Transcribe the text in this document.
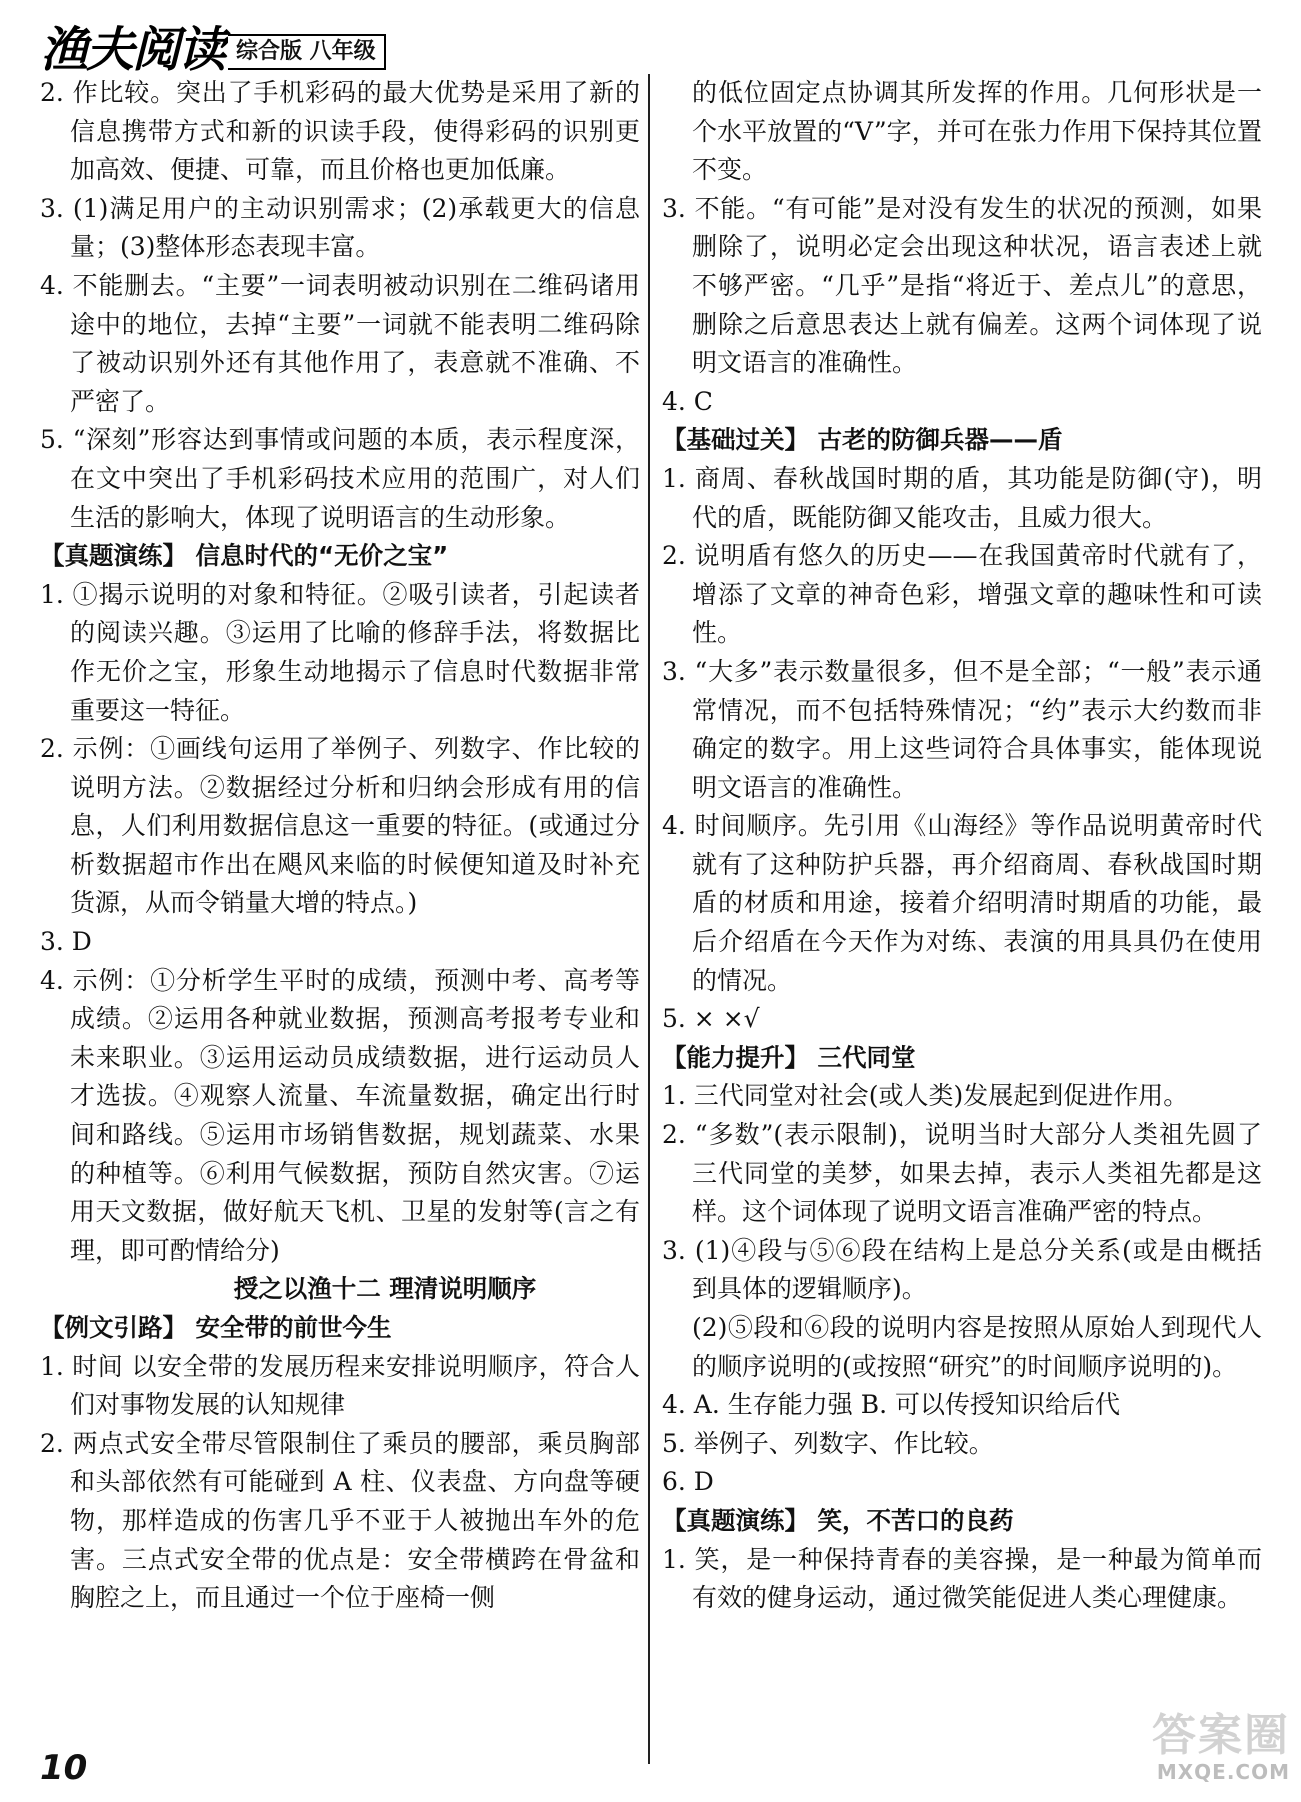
渔夫阅读 综合版 八年级
2. 作比较。突出了手机彩码的最大优势是采用了新的信息携带方式和新的识读手段，使得彩码的识别更加高效、便捷、可靠，而且价格也更加低廉。
3. (1)满足用户的主动识别需求；(2)承载更大的信息量；(3)整体形态表现丰富。
4. 不能删去。“主要”一词表明被动识别在二维码诸用途中的地位，去掉“主要”一词就不能表明二维码除了被动识别外还有其他作用了，表意就不准确、不严密了。
5. “深刻”形容达到事情或问题的本质，表示程度深，在文中突出了手机彩码技术应用的范围广，对人们生活的影响大，体现了说明语言的生动形象。
【真题演练】 信息时代的“无价之宝”
1. ①揭示说明的对象和特征。②吸引读者，引起读者的阅读兴趣。③运用了比喻的修辞手法，将数据比作无价之宝，形象生动地揭示了信息时代数据非常重要这一特征。
2. 示例：①画线句运用了举例子、列数字、作比较的说明方法。②数据经过分析和归纳会形成有用的信息，人们利用数据信息这一重要的特征。(或通过分析数据超市作出在飓风来临的时候便知道及时补充货源，从而令销量大增的特点。)
3. D
4. 示例：①分析学生平时的成绩，预测中考、高考等成绩。②运用各种就业数据，预测高考报考专业和未来职业。③运用运动员成绩数据，进行运动员人才选拔。④观察人流量、车流量数据，确定出行时间和路线。⑤运用市场销售数据，规划蔬菜、水果的种植等。⑥利用气候数据，预防自然灾害。⑦运用天文数据，做好航天飞机、卫星的发射等(言之有理，即可酌情给分)
授之以渔十二 理清说明顺序
【例文引路】 安全带的前世今生
1. 时间 以安全带的发展历程来安排说明顺序，符合人们对事物发展的认知规律
2. 两点式安全带尽管限制住了乘员的腰部，乘员胸部和头部依然有可能碰到 A 柱、仪表盘、方向盘等硬物，那样造成的伤害几乎不亚于人被抛出车外的危害。三点式安全带的优点是：安全带横跨在骨盆和胸腔之上，而且通过一个位于座椅一侧
的低位固定点协调其所发挥的作用。几何形状是一个水平放置的“V”字，并可在张力作用下保持其位置不变。
3. 不能。“有可能”是对没有发生的状况的预测，如果删除了，说明必定会出现这种状况，语言表述上就不够严密。“几乎”是指“将近于、差点儿”的意思，删除之后意思表达上就有偏差。这两个词体现了说明文语言的准确性。
4. C
【基础过关】 古老的防御兵器——盾
1. 商周、春秋战国时期的盾，其功能是防御(守)，明代的盾，既能防御又能攻击，且威力很大。
2. 说明盾有悠久的历史——在我国黄帝时代就有了，增添了文章的神奇色彩，增强文章的趣味性和可读性。
3. “大多”表示数量很多，但不是全部；“一般”表示通常情况，而不包括特殊情况；“约”表示大约数而非确定的数字。用上这些词符合具体事实，能体现说明文语言的准确性。
4. 时间顺序。先引用《山海经》等作品说明黄帝时代就有了这种防护兵器，再介绍商周、春秋战国时期盾的材质和用途，接着介绍明清时期盾的功能，最后介绍盾在今天作为对练、表演的用具具仍在使用的情况。
5. × ×√
【能力提升】 三代同堂
1. 三代同堂对社会(或人类)发展起到促进作用。
2. “多数”(表示限制)，说明当时大部分人类祖先圆了三代同堂的美梦，如果去掉，表示人类祖先都是这样。这个词体现了说明文语言准确严密的特点。
3. (1)④段与⑤⑥段在结构上是总分关系(或是由概括到具体的逻辑顺序)。
(2)⑤段和⑥段的说明内容是按照从原始人到现代人的顺序说明的(或按照“研究”的时间顺序说明的)。
4. A. 生存能力强 B. 可以传授知识给后代
5. 举例子、列数字、作比较。
6. D
【真题演练】 笑，不苦口的良药
1. 笑，是一种保持青春的美容操，是一种最为简单而有效的健身运动，通过微笑能促进人类心理健康。
10
答案圈
MXQE.COM
